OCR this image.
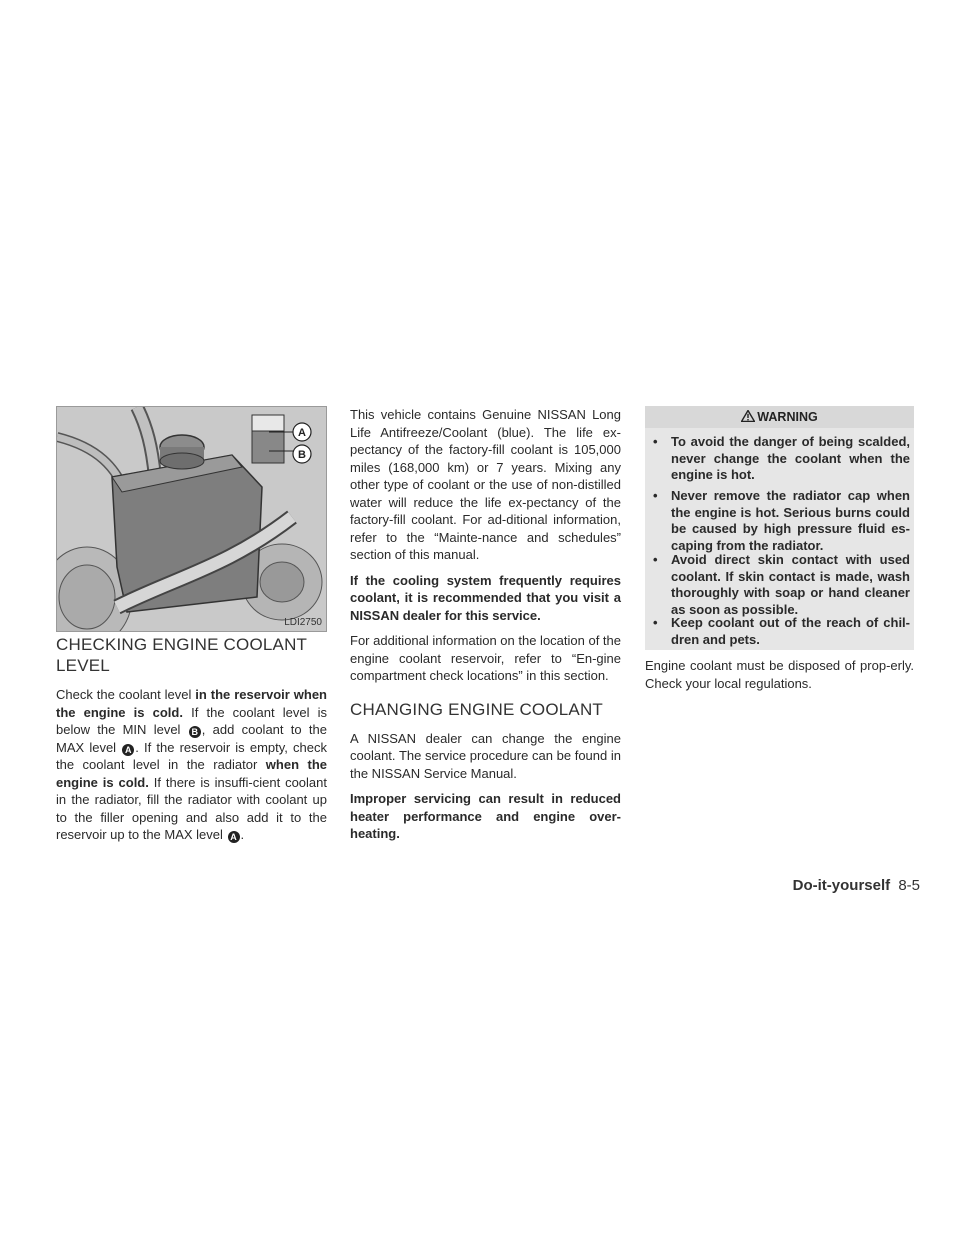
A
B
LDI2750
CHECKING ENGINE COOLANT LEVEL

Check the coolant level in the reservoir when the engine is cold. If the coolant level is below the MIN level B , add coolant to the MAX level A . If the reservoir is empty, check the coolant level in the radiator when the engine is cold. If there is insuffi-cient coolant in the radiator, fill the radiator with coolant up to the filler opening and also add it to the reservoir up to the MAX level A .

This vehicle contains Genuine NISSAN Long Life Antifreeze/Coolant (blue). The life ex-pectancy of the factory-fill coolant is 105,000 miles (168,000 km) or 7 years. Mixing any other type of coolant or the use of non-distilled water will reduce the life ex-pectancy of the factory-fill coolant. For ad-ditional information, refer to the “Mainte-nance and schedules” section of this manual.

If the cooling system frequently requires coolant, it is recommended that you visit a NISSAN dealer for this service.

For additional information on the location of the engine coolant reservoir, refer to “En-gine compartment check locations” in this section.

CHANGING ENGINE COOLANT

A NISSAN dealer can change the engine coolant. The service procedure can be found in the NISSAN Service Manual.

Improper servicing can result in reduced heater performance and engine over-heating.

WARNING
•	To avoid the danger of being scalded, never change the coolant when the engine is hot.
•	Never remove the radiator cap when the engine is hot. Serious burns could be caused by high pressure fluid es-caping from the radiator.
•	Avoid direct skin contact with used coolant. If skin contact is made, wash thoroughly with soap or hand cleaner as soon as possible.
•	Keep coolant out of the reach of chil-dren and pets.

Engine coolant must be disposed of prop-erly. Check your local regulations.

Do-it-yourself 8-5
